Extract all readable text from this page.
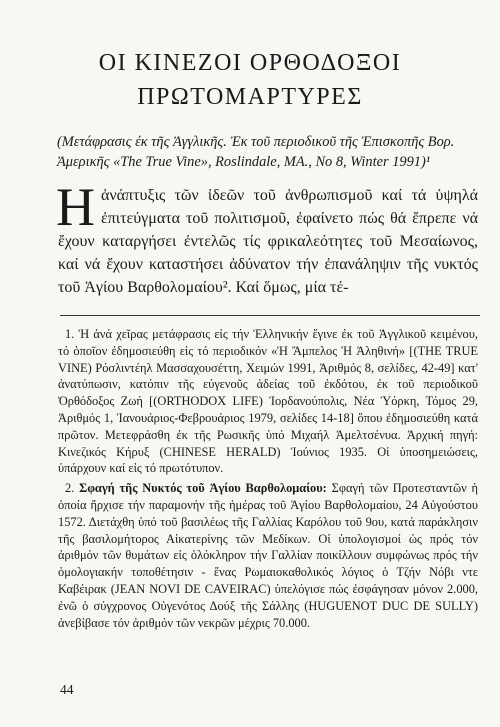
ΟΙ ΚΙΝΕΖΟΙ ΟΡΘΟΔΟΞΟΙ
ΠΡΩΤΟΜΑΡΤΥΡΕΣ
(Μετάφρασις ἐκ τῆς Ἀγγλικῆς. Ἐκ τοῦ περιοδικοῦ τῆς Ἐπισκοπῆς Βορ. Ἀμερικῆς «The True Vine», Roslindale, MA., No 8, Winter 1991)¹
Ηἀνάπτυξις τῶν ἰδεῶν τοῦ ἀνθρωπισμοῦ καί τά ὑψηλά ἐπιτεύγματα τοῦ πολιτισμοῦ, ἐφαίνετο πώς θά ἔπρεπε νά ἔχουν καταργήσει ἐντελῶς τίς φρικαλεότητες τοῦ Μεσαίωνος, καί νά ἔχουν καταστήσει ἀδύνατον τήν ἐπανάληψιν τῆς νυκτός τοῦ Ἁγίου Βαρθολομαίου². Καί ὅμως, μία τέ-

1. Ἡ ἀνά χεῖρας μετάφρασις εἰς τήν Ἑλληνικήν ἔγινε ἐκ τοῦ Ἀγγλικοῦ κειμένου, τό ὁποῖον ἐδημοσιεύθη εἰς τό περιοδικόν «Ἡ Ἄμπελος Ἡ Ἀληθινή» [(THE TRUE VINE) Ρόσλιντέηλ Μασσαχουσέττη, Χειμών 1991, Ἀριθμός 8, σελίδες, 42-49] κατ' ἀνατύπωσιν, κατόπιν τῆς εὐγενοῦς ἀδείας τοῦ ἐκδότου, ἐκ τοῦ περιοδικοῦ Ὀρθόδοξος Ζωή [(ORTHODOX LIFE) Ἰορδανούπολις, Νέα Ὑόρκη, Τόμος 29, Ἀριθμός 1, Ἰανουάριος-Φεβρουάριος 1979, σελίδες 14-18] ὅπου ἐδημοσιεύθη κατά πρῶτον. Μετεφράσθη ἐκ τῆς Ρωσικῆς ὑπό Μιχαήλ Ἀμελτσένυα. Ἀρχική πηγή: Κινεζικός Κήρυξ (CHINESE HERALD) Ἰούνιος 1935. Οἱ ὑποσημειώσεις, ὑπάρχουν καί εἰς τό πρωτότυπον.

2. Σφαγή τῆς Νυκτός τοῦ Ἁγίου Βαρθολομαίου: Σφαγή τῶν Προτεσταντῶν ἡ ὁποία ἤρχισε τήν παραμονήν τῆς ἡμέρας τοῦ Ἁγίου Βαρθολομαίου, 24 Αὐγούστου 1572. Διετάχθη ὑπό τοῦ βασιλέως τῆς Γαλλίας Καρόλου τοῦ 9ου, κατά παράκλησιν τῆς βασιλομήτορος Αἰκατερίνης τῶν Μεδίκων. Οἱ ὑπολογισμοί ὡς πρός τόν ἀριθμόν τῶν θυμάτων εἰς ὁλόκληρον τήν Γαλλίαν ποικίλλουν συμφώνως πρός τήν ὁμολογιακήν τοποθέτησιν - ἕνας Ρωμαιοκαθολικός λόγιος ὁ Τζήν Νόβι ντε Καβέιρακ (JEAN NOVI DE CAVEIRAC) ὑπελόγισε πώς ἐσφάγησαν μόνον 2.000, ἐνῶ ὁ σύγχρονος Οὐγενότος Δούξ τῆς Σάλλης (HUGUENOT DUC DE SULLY) ἀνεβίβασε τόν ἀριθμόν τῶν νεκρῶν μέχρις 70.000.

44
